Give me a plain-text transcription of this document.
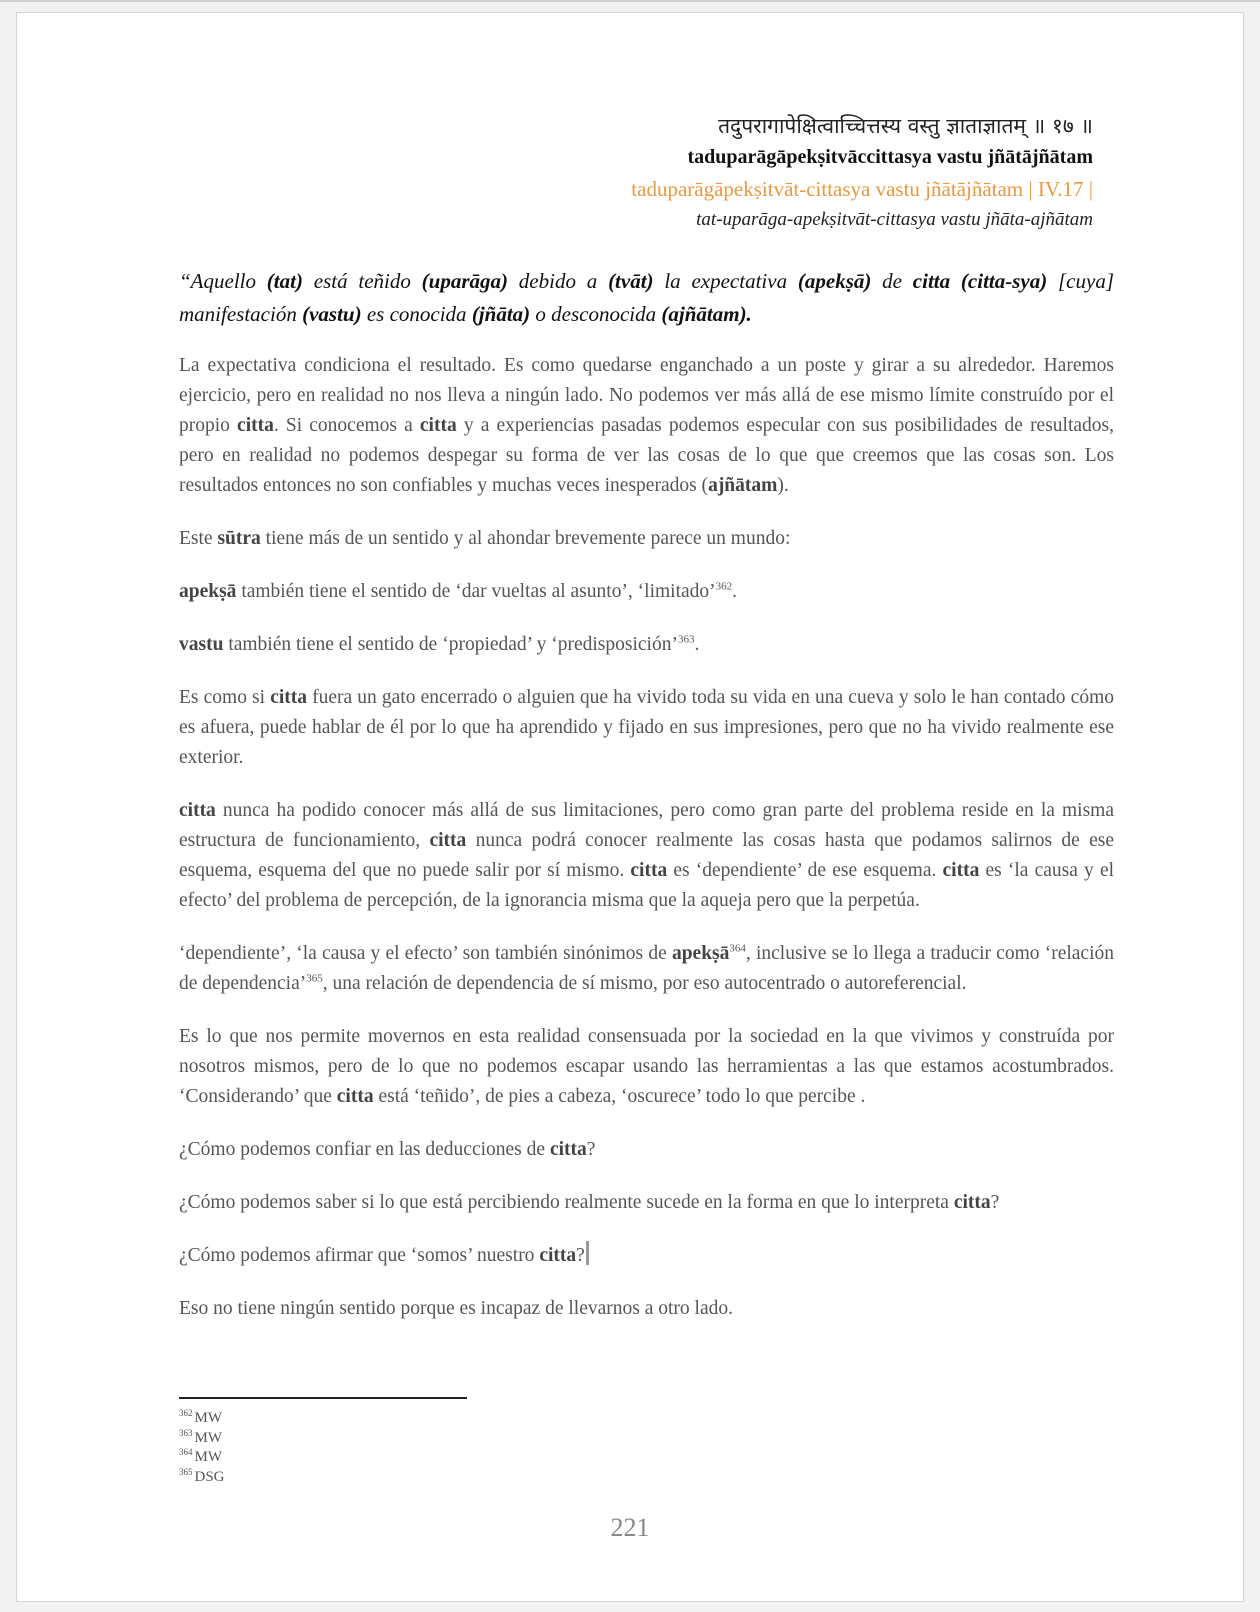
तदुपरागापेक्षित्वाच्चित्तस्य वस्तु ज्ञाताज्ञातम् ॥ १७ ॥
taduparāgāpekṣitvāccittasya vastu jñātājñātam
taduparāgāpekṣitvāt-cittasya vastu jñātājñātam | IV.17 |
tat-uparāga-apekṣitvāt-cittasya vastu jñāta-ajñātam

“Aquello (tat) está teñido (uparāga) debido a (tvāt) la expectativa (apekṣā) de citta (citta-sya) [cuya] manifestación (vastu) es conocida (jñāta) o desconocida (ajñātam).

La expectativa condiciona el resultado. Es como quedarse enganchado a un poste y girar a su alrededor. Haremos ejercicio, pero en realidad no nos lleva a ningún lado. No podemos ver más allá de ese mismo límite construído por el propio citta. Si conocemos a citta y a experiencias pasadas podemos especular con sus posibilidades de resultados, pero en realidad no podemos despegar su forma de ver las cosas de lo que que creemos que las cosas son. Los resultados entonces no son confiables y muchas veces inesperados (ajñātam).

Este sūtra tiene más de un sentido y al ahondar brevemente parece un mundo:

apekṣā también tiene el sentido de ‘dar vueltas al asunto’, ‘limitado’$^{362}$.

vastu también tiene el sentido de ‘propiedad’ y ‘predisposición’$^{363}$.

Es como si citta fuera un gato encerrado o alguien que ha vivido toda su vida en una cueva y solo le han contado cómo es afuera, puede hablar de él por lo que ha aprendido y fijado en sus impresiones, pero que no ha vivido realmente ese exterior.

citta nunca ha podido conocer más allá de sus limitaciones, pero como gran parte del problema reside en la misma estructura de funcionamiento, citta nunca podrá conocer realmente las cosas hasta que podamos salirnos de ese esquema, esquema del que no puede salir por sí mismo. citta es ‘dependiente’ de ese esquema. citta es ‘la causa y el efecto’ del problema de percepción, de la ignorancia misma que la aqueja pero que la perpetúa.

‘dependiente’, ‘la causa y el efecto’ son también sinónimos de apekṣā$^{364}$, inclusive se lo llega a traducir como ‘relación de dependencia’$^{365}$, una relación de dependencia de sí mismo, por eso autocentrado o autoreferencial.

Es lo que nos permite movernos en esta realidad consensuada por la sociedad en la que vivimos y construída por nosotros mismos, pero de lo que no podemos escapar usando las herramientas a las que estamos acostumbrados. ‘Considerando’ que citta está ‘teñido’, de pies a cabeza, ‘oscurece’ todo lo que percibe .

¿Cómo podemos confiar en las deducciones de citta?

¿Cómo podemos saber si lo que está percibiendo realmente sucede en la forma en que lo interpreta citta?

¿Cómo podemos afirmar que ‘somos’ nuestro citta?

Eso no tiene ningún sentido porque es incapaz de llevarnos a otro lado.

$^{362}$ MW
$^{363}$ MW
$^{364}$ MW
$^{365}$ DSG
221
